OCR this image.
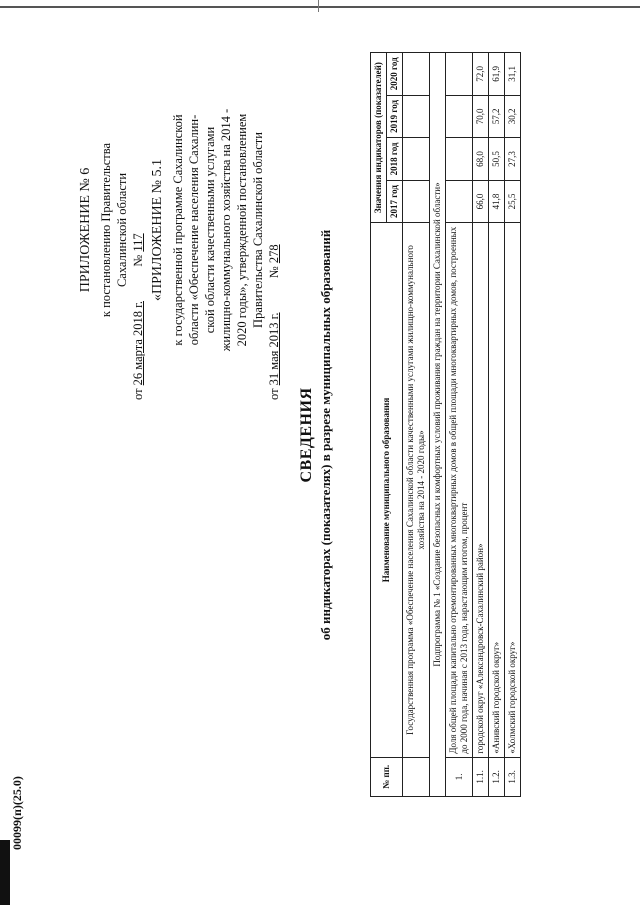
00099(п)(25.0)
ПРИЛОЖЕНИЕ № 6 к постановлению Правительства Сахалинской области
от 26 марта 2018 г.  № 117 «ПРИЛОЖЕНИЕ № 5.1 к государственной программе Сахалинской области «Обеспечение населения Сахалин- ской области качественными услугами жилищно-коммунального хозяйства на 2014 - 2020 годы», утвержденной постановлением Правительства Сахалинской области
от 31 мая 2013 г.  № 278
СВЕДЕНИЯ об индикаторах (показателях) в разрезе муниципальных образований
№ пп.	Наименование муниципального образования	Значения индикаторов (показателей)			
		2017 год	2018 год	2019 год	2020 год
	Государственная программа «Обеспечение населения Сахалинской области качественными услугами жилищно-коммунального хозяйства на 2014 - 2020 годы»				
Подпрограмма № 1 «Создание безопасных и комфортных условий проживания граждан на территории Сахалинской области»					
1.	Доля общей площади капитально отремонтированных многоквартирных домов в общей площади многоквартирных домов, построенных до 2000 года, начиная с 2013 года, нарастающим итогом, процент				
1.1.	городской округ «Александровск-Сахалинский район»	66,0	68,0	70,0	72,0
1.2.	«Анивский городской округ»	41,8	50,5	57,2	61,9
1.3.	«Холмский городской округ»	25,5	27,3	30,2	31,1
